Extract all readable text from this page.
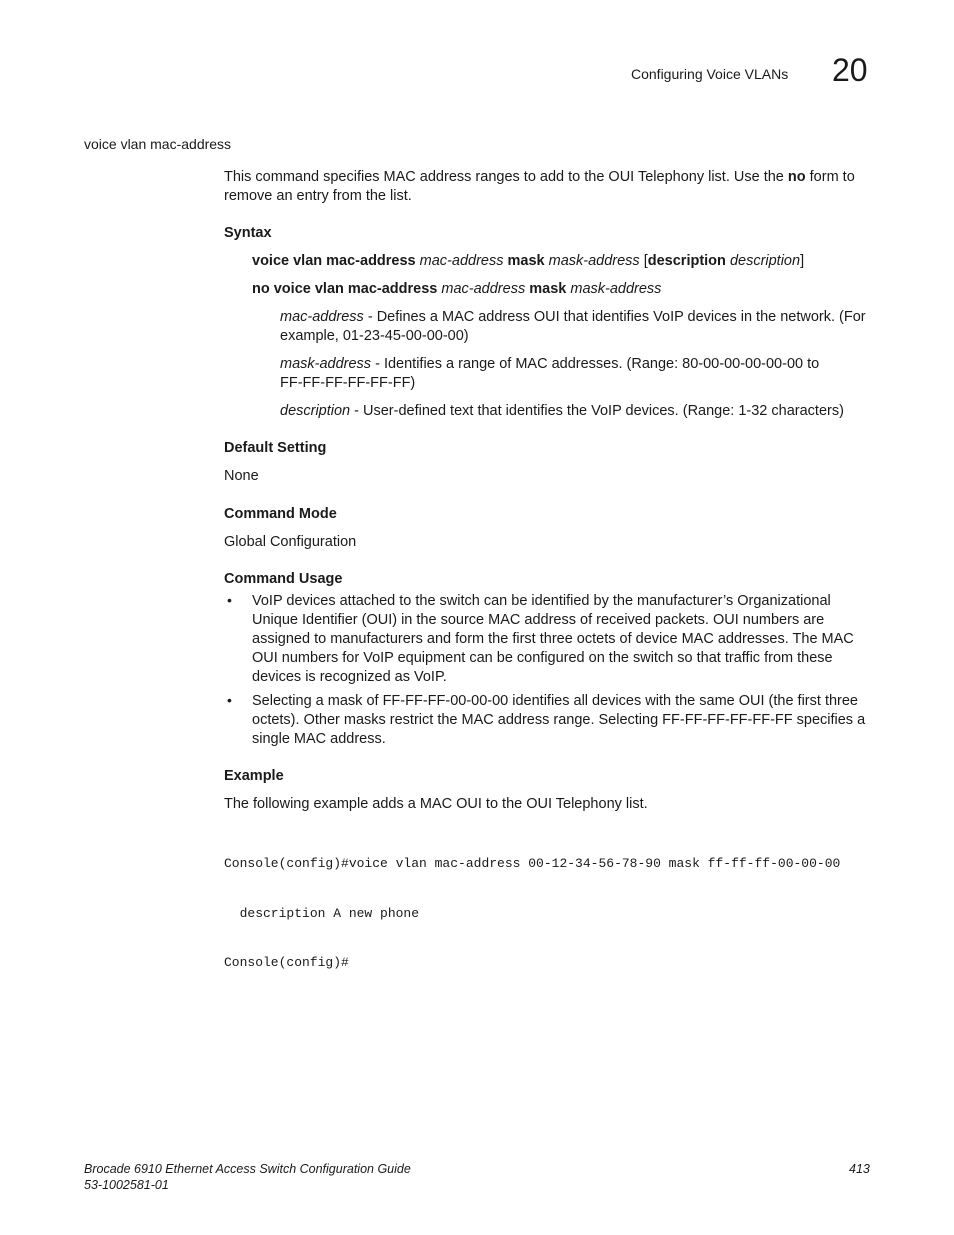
Configuring Voice VLANs 20
voice vlan mac-address
This command specifies MAC address ranges to add to the OUI Telephony list. Use the no form to
remove an entry from the list.
Syntax
voice vlan mac-address mac-address mask mask-address [description description]
no voice vlan mac-address mac-address mask mask-address
mac-address - Defines a MAC address OUI that identifies VoIP devices in the network. (For
example, 01-23-45-00-00-00)
mask-address - Identifies a range of MAC addresses. (Range: 80-00-00-00-00-00 to
FF-FF-FF-FF-FF-FF)
description - User-defined text that identifies the VoIP devices. (Range: 1-32 characters)
Default Setting
None
Command Mode
Global Configuration
Command Usage
• VoIP devices attached to the switch can be identified by the manufacturer’s Organizational
Unique Identifier (OUI) in the source MAC address of received packets. OUI numbers are
assigned to manufacturers and form the first three octets of device MAC addresses. The MAC
OUI numbers for VoIP equipment can be configured on the switch so that traffic from these
devices is recognized as VoIP.
• Selecting a mask of FF-FF-FF-00-00-00 identifies all devices with the same OUI (the first three
octets). Other masks restrict the MAC address range. Selecting FF-FF-FF-FF-FF-FF specifies a
single MAC address.
Example
The following example adds a MAC OUI to the OUI Telephony list.

Console(config)#voice vlan mac-address 00-12-34-56-78-90 mask ff-ff-ff-00-00-00

description A new phone

Console(config)#

Brocade 6910 Ethernet Access Switch Configuration Guide
53-1002581-01
413
